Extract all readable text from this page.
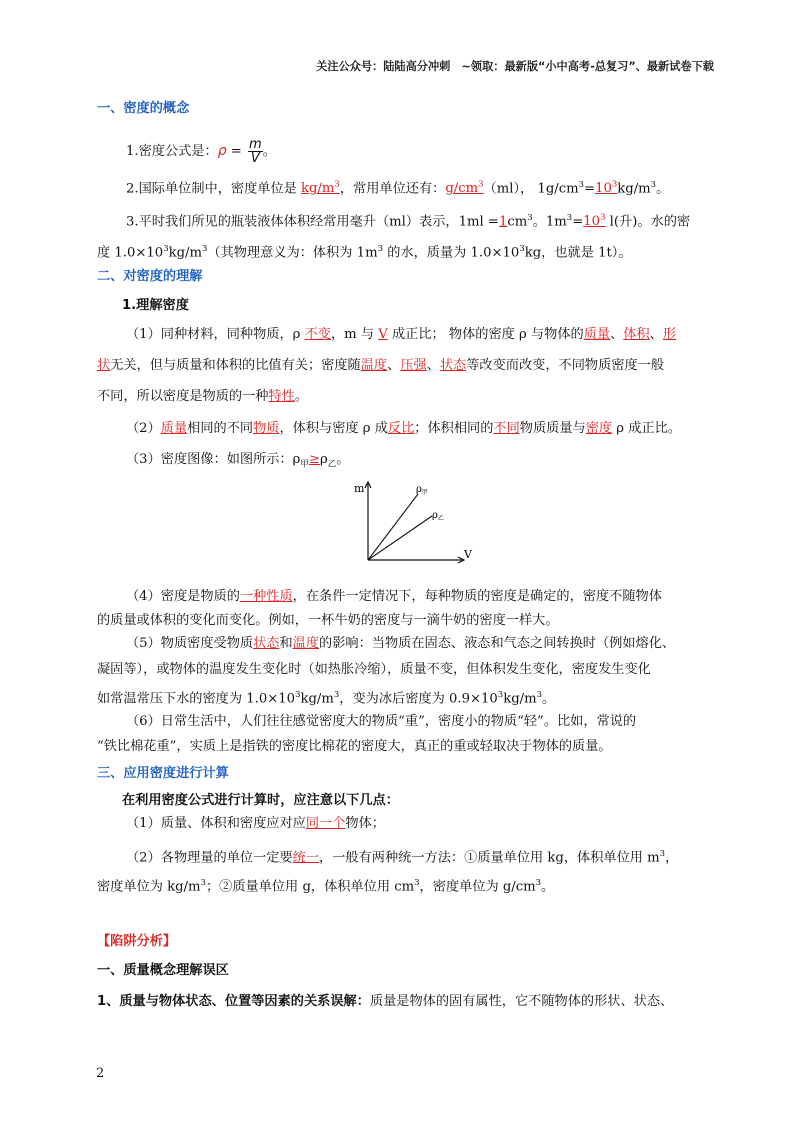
关注公众号：陆陆高分冲刺　~领取：最新版“小中高考-总复习”、最新试卷下载
一、密度的概念
1.密度公式是：$\rho = \frac{m}{V}$ 。
2.国际单位制中，密度单位是 $kg/m^3$，常用单位还有：$g/cm^3(ml)$， $1g/cm^3=10^3kg/m^3$。
3.平时我们所见的瓶装液体体积经常用毫升（ml）表示，$1ml =1cm^3$。$1m^3=10^3$ l(升)。水的密
度 $1.0\times 10^3kg/m^3$（其物理意义为：体积为 $1m^3$ 的水，质量为 $1.0\times 10^3kg$，也就是 1t）。
二、对密度的理解
1.理解密度
（1）同种材料，同种物质，ρ 不变，m 与 V 成正比； 物体的密度 ρ 与物体的质量、体积、形
状无关，但与质量和体积的比值有关；密度随温度、压强、状态等改变而改变，不同物质密度一般
不同，所以密度是物质的一种特性。
（2）质量相同的不同物质，体积与密度 ρ 成反比；体积相同的不同物质质量与密度 ρ 成正比。
（3）密度图像：如图所示：$\rho_甲\ge\rho_乙$。
m
V
$\rho_甲$
$\rho_乙$
（4）密度是物质的一种性质，在条件一定情况下，每种物质的密度是确定的，密度不随物体
的质量或体积的变化而变化。例如，一杯牛奶的密度与一滴牛奶的密度一样大。
（5）物质密度受物质状态和温度的影响：当物质在固态、液态和气态之间转换时（例如熔化、
凝固等），或物体的温度发生变化时（如热胀冷缩），质量不变，但体积发生变化，密度发生变化
如常温常压下水的密度为 $1.0\times 10^3kg/m^3$，变为冰后密度为 $0.9\times 10^3kg/m^3$。
（6）日常生活中，人们往往感觉密度大的物质“重”，密度小的物质“轻”。比如，常说的
“铁比棉花重”，实质上是指铁的密度比棉花的密度大，真正的重或轻取决于物体的质量。
三、应用密度进行计算
在利用密度公式进行计算时，应注意以下几点：
（1）质量、体积和密度应对应同一个物体；
（2）各物理量的单位一定要统一，一般有两种统一方法：①质量单位用 kg，体积单位用 $m^3$，
密度单位为 $kg/m^3$；②质量单位用 g，体积单位用 $cm^3$，密度单位为 $g/cm^3$。
【陷阱分析】
一、质量概念理解误区
1、质量与物体状态、位置等因素的关系误解：质量是物体的固有属性，它不随物体的形状、状态、
2
